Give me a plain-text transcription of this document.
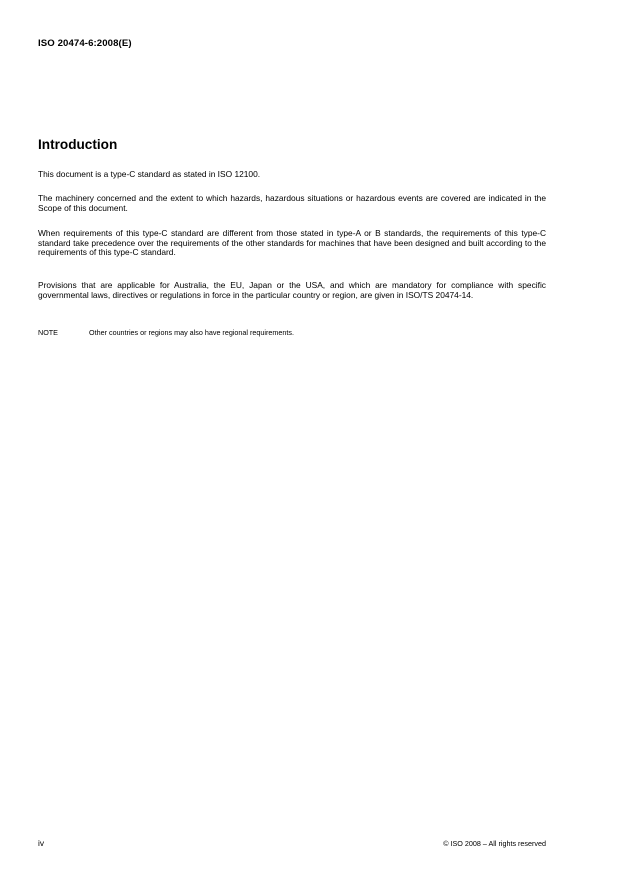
ISO 20474-6:2008(E)
Introduction

This document is a type-C standard as stated in ISO 12100.

The machinery concerned and the extent to which hazards, hazardous situations or hazardous events are covered are indicated in the Scope of this document.

When requirements of this type-C standard are different from those stated in type-A or B standards, the requirements of this type-C standard take precedence over the requirements of the other standards for machines that have been designed and built according to the requirements of this type-C standard.

Provisions that are applicable for Australia, the EU, Japan or the USA, and which are mandatory for compliance with specific governmental laws, directives or regulations in force in the particular country or region, are given in ISO/TS 20474-14.

NOTE	Other countries or regions may also have regional requirements.
iv	© ISO 2008 – All rights reserved
